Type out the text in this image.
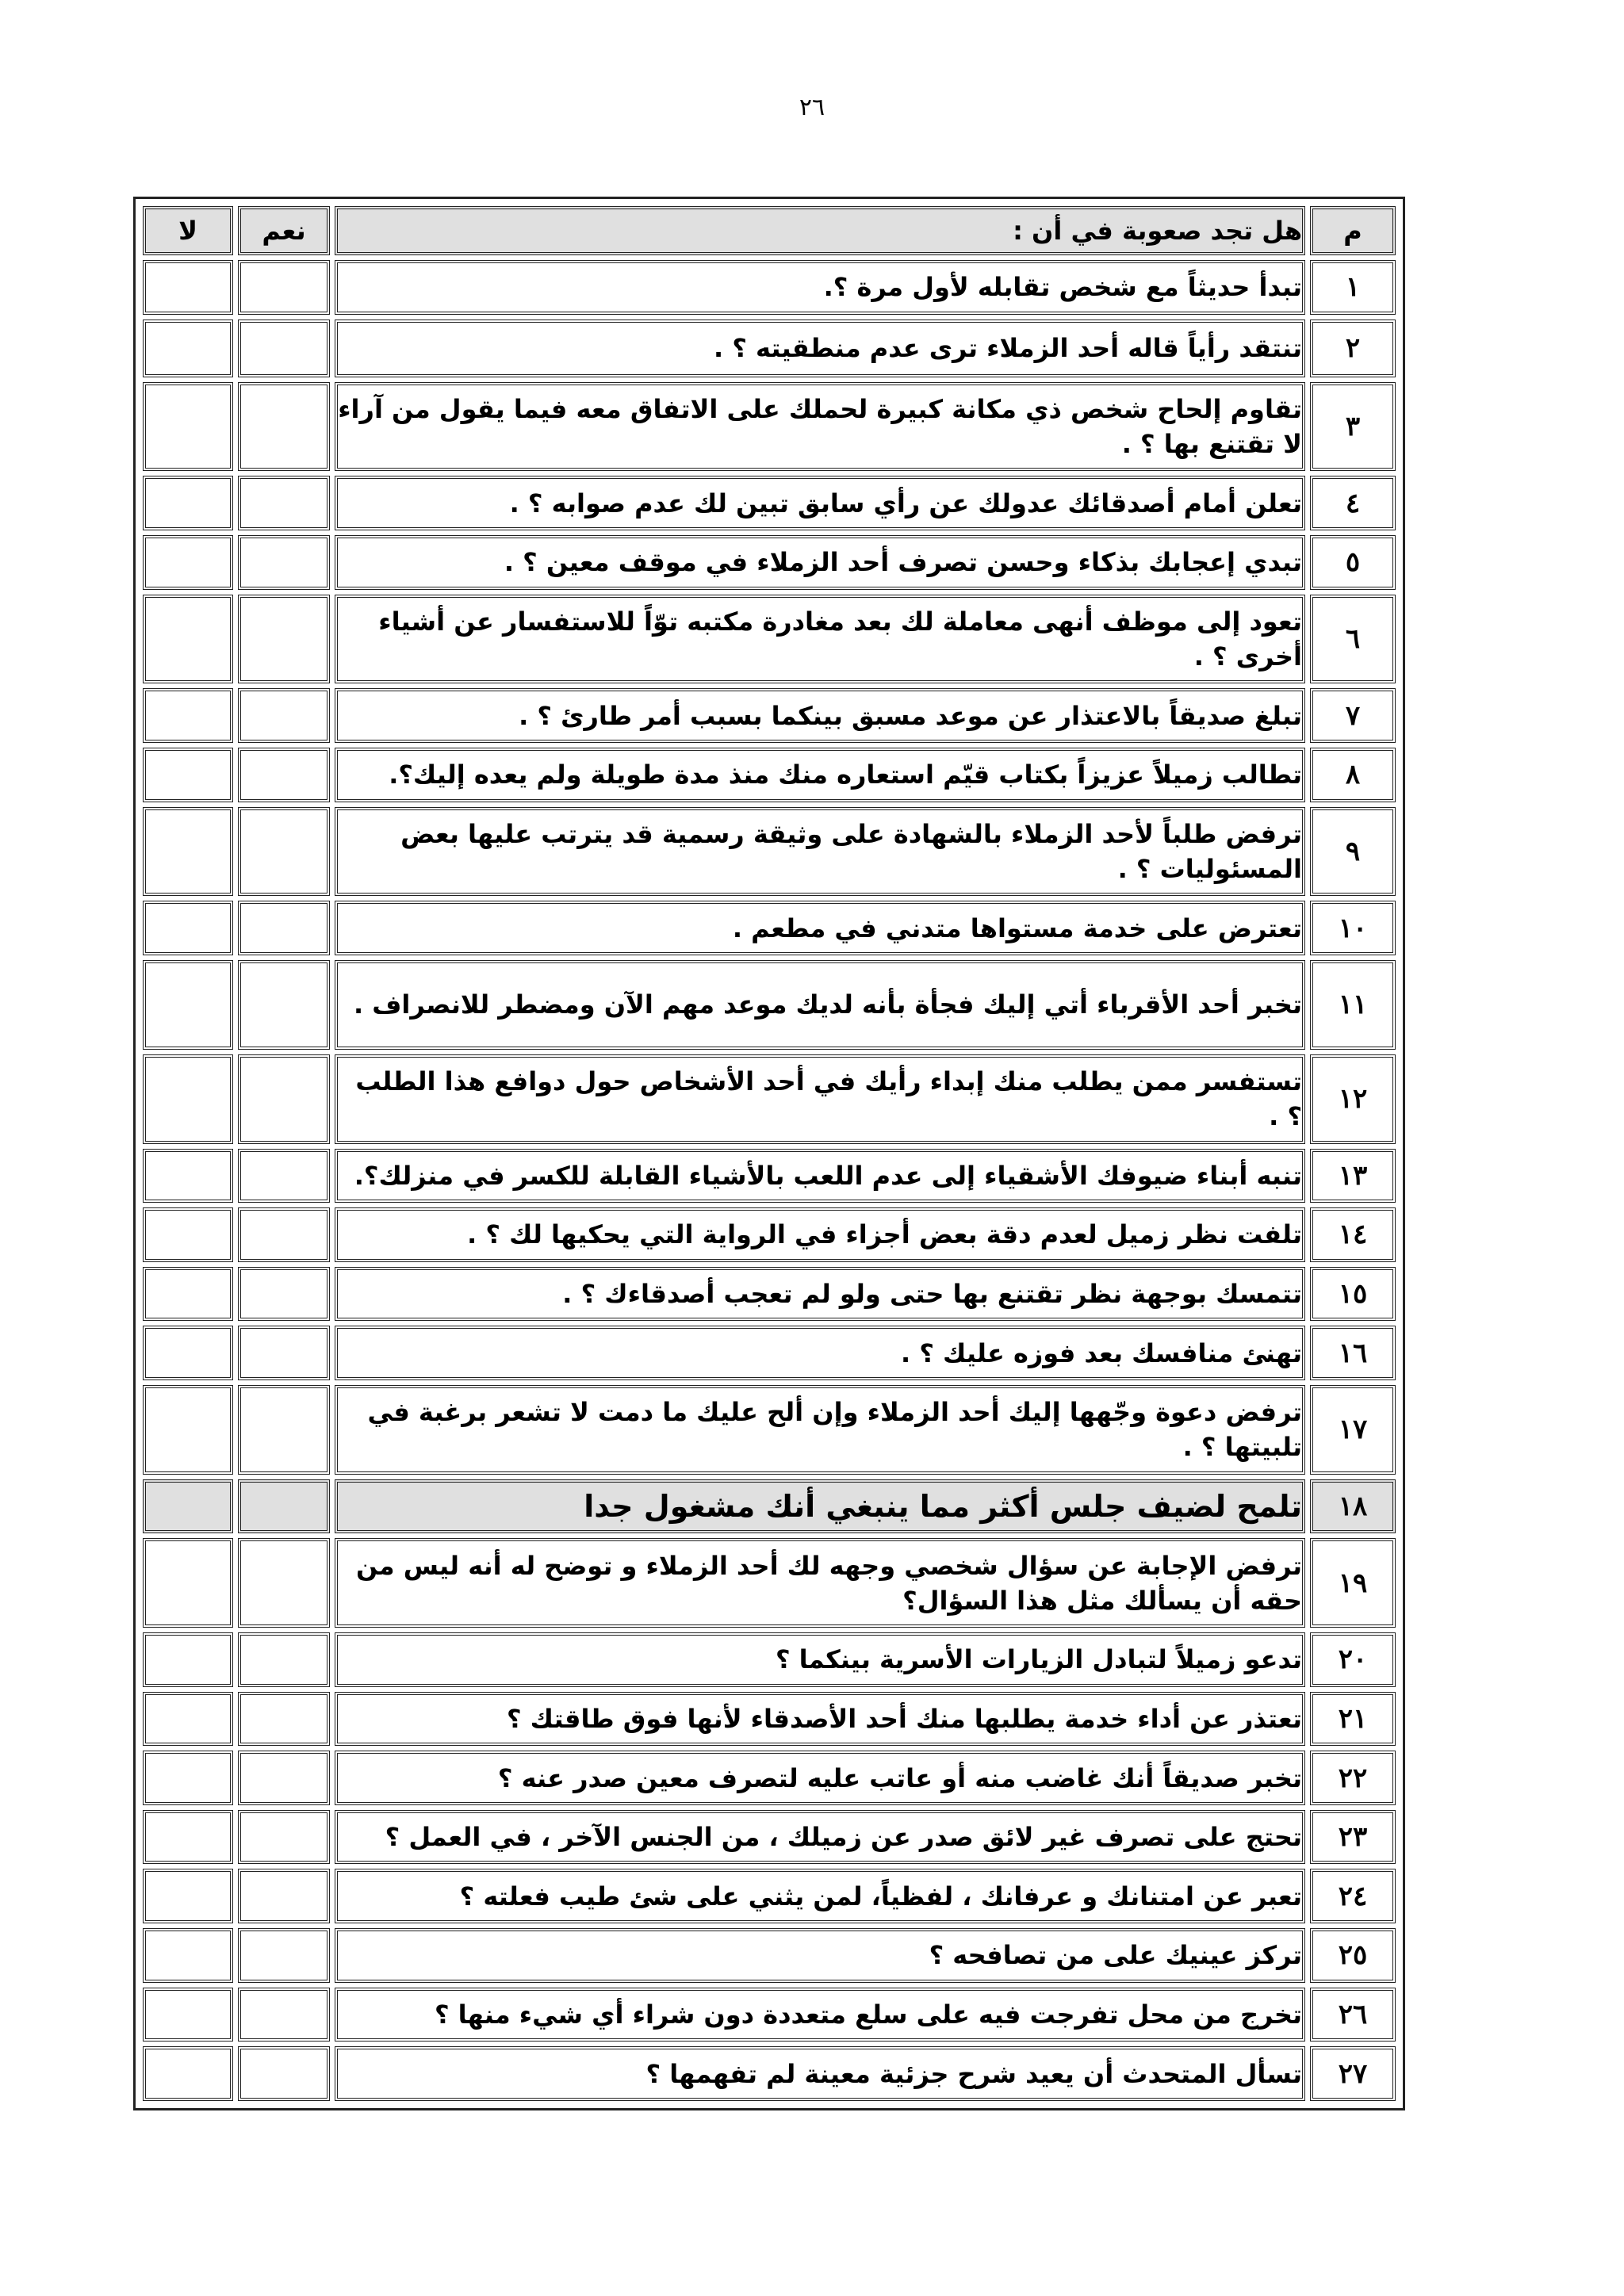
٢٦
م	هل تجد صعوبة في أن :	نعم	لا
١	تبدأ حديثاً مع شخص تقابله لأول مرة ؟.		
٢	تنتقد رأياً قاله أحد الزملاء ترى عدم منطقيته ؟ .		
٣	تقاوم إلحاح شخص ذي مكانة كبيرة لحملك على الاتفاق معه فيما يقول من آراء لا تقتنع بها ؟ .		
٤	تعلن أمام أصدقائك عدولك عن رأي سابق تبين لك عدم صوابه ؟ .		
٥	تبدي إعجابك بذكاء وحسن تصرف أحد الزملاء في موقف معين ؟ .		
٦	تعود إلى موظف أنهى معاملة لك بعد مغادرة مكتبه توّاً للاستفسار عن أشياء أخرى ؟ .		
٧	تبلغ صديقاً بالاعتذار عن موعد مسبق بينكما بسبب أمر طارئ ؟ .		
٨	تطالب زميلاً عزيزاً بكتاب قيّم استعاره منك منذ مدة طويلة ولم يعده إليك؟.		
٩	ترفض طلباً لأحد الزملاء بالشهادة على وثيقة رسمية قد يترتب عليها بعض المسئوليات ؟ .		
١٠	تعترض على خدمة مستواها متدني في مطعم .		
١١	تخبر أحد الأقرباء أتي إليك فجأة بأنه لديك موعد مهم الآن ومضطر للانصراف .		
١٢	تستفسر ممن يطلب منك إبداء رأيك في أحد الأشخاص حول دوافع هذا الطلب ؟ .		
١٣	تنبه أبناء ضيوفك الأشقياء إلى عدم اللعب بالأشياء القابلة للكسر في منزلك؟.		
١٤	تلفت نظر زميل لعدم دقة بعض أجزاء في الرواية التي يحكيها لك ؟ .		
١٥	تتمسك بوجهة نظر تقتنع بها حتى ولو لم تعجب أصدقاءك ؟ .		
١٦	تهنئ منافسك بعد فوزه عليك ؟ .		
١٧	ترفض دعوة وجّهها إليك أحد الزملاء وإن ألح عليك ما دمت لا تشعر برغبة في تلبيتها ؟ .		
١٨	تلمح لضيف جلس أكثر مما ينبغي أنك مشغول جدا		
١٩	ترفض الإجابة عن سؤال شخصي وجهه لك أحد الزملاء و توضح له أنه ليس من حقه أن يسألك مثل هذا السؤال؟		
٢٠	تدعو زميلاً لتبادل الزيارات الأسرية بينكما ؟		
٢١	تعتذر عن أداء خدمة يطلبها منك أحد الأصدقاء لأنها فوق طاقتك ؟		
٢٢	تخبر صديقاً أنك غاضب منه أو عاتب عليه لتصرف معين صدر عنه ؟		
٢٣	تحتج على تصرف غير لائق صدر عن زميلك ، من الجنس الآخر ، في العمل ؟		
٢٤	تعبر عن امتنانك و عرفانك ، لفظياً، لمن يثني على شئ طيب فعلته ؟		
٢٥	ُتركز عينيك على من تصافحه ؟		
٢٦	تخرج من محل تفرجت فيه على سلع متعددة دون شراء أي شيء منها ؟		
٢٧	تسأل المتحدث أن يعيد شرح جزئية معينة لم تفهمها ؟		
